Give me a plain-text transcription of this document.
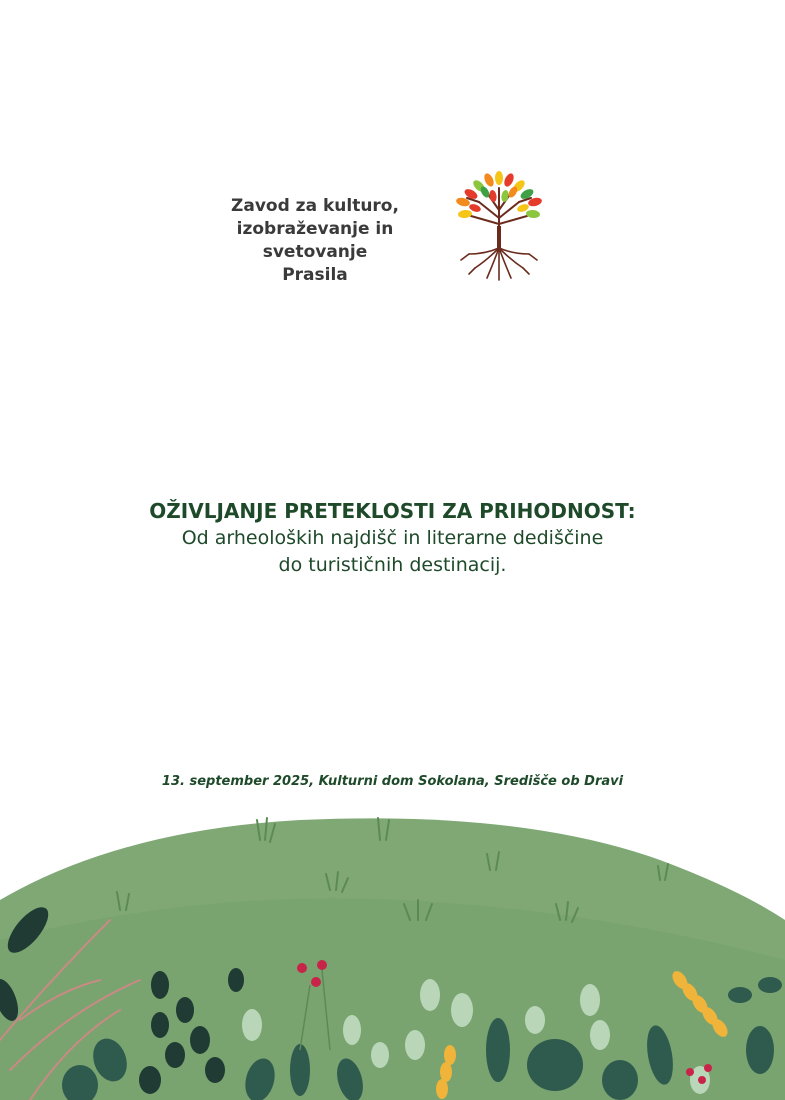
Zavod za kulturo,
izobraževanje in
svetovanje
Prasila
OŽIVLJANJE PRETEKLOSTI ZA PRIHODNOST:
Od arheoloških najdišč in literarne dediščine
do turističnih destinacij.
13. september 2025, Kulturni dom Sokolana, Središče ob Dravi
